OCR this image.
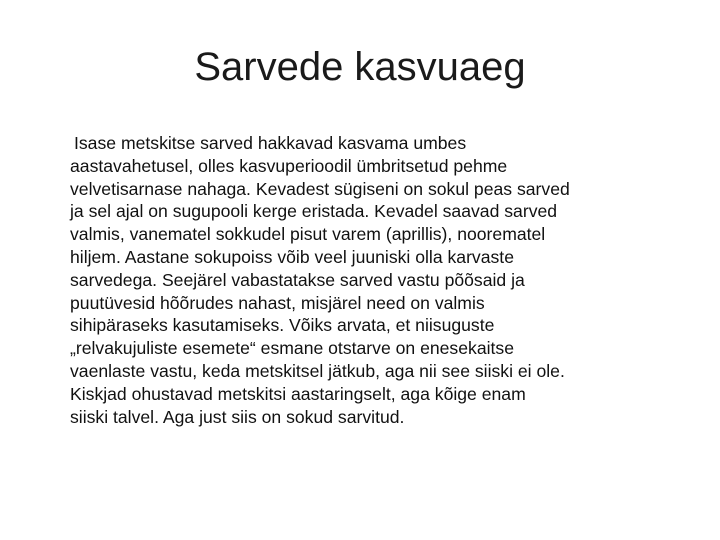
Sarvede kasvuaeg
Isase metskitse sarved hakkavad kasvama umbes
aastavahetusel, olles kasvuperioodil ümbritsetud pehme
velvetisarnase nahaga. Kevadest sügiseni on sokul peas sarved
ja sel ajal on sugupooli kerge eristada. Kevadel saavad sarved
valmis, vanematel sokkudel pisut varem (aprillis), noorematel
hiljem. Aastane sokupoiss võib veel juuniski olla karvaste
sarvedega. Seejärel vabastatakse sarved vastu põõsaid ja
puutüvesid hõõrudes nahast, misjärel need on valmis
sihipäraseks kasutamiseks. Võiks arvata, et niisuguste
„relvakujuliste esemete“ esmane otstarve on enesekaitse
vaenlaste vastu, keda metskitsel jätkub, aga nii see siiski ei ole.
Kiskjad ohustavad metskitsi aastaringselt, aga kõige enam
siiski talvel. Aga just siis on sokud sarvitud.
